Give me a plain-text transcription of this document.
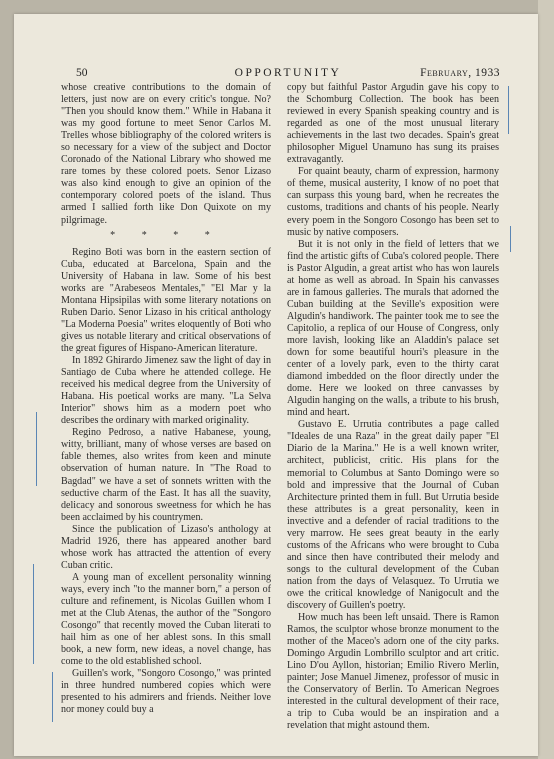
50	OPPORTUNITY	February, 1933

whose creative contributions to the domain of letters, just now are on every critic's tongue. No? "Then you should know them." While in Habana it was my good fortune to meet Senor Carlos M. Trelles whose bibliography of the colored writers is so necessary for a view of the subject and Doctor Coronado of the National Library who showed me rare tomes by these colored poets. Senor Lizaso was also kind enough to give an opinion of the contemporary colored poets of the island. Thus armed I sallied forth like Don Quixote on my pilgrimage.

* * * *

Regino Boti was born in the eastern section of Cuba, educated at Barcelona, Spain and the University of Habana in law. Some of his best works are "Arabeseos Mentales," "El Mar y la Montana Hipsipilas with some literary notations on Ruben Dario. Senor Lizaso in his critical anthology "La Moderna Poesia" writes eloquently of Boti who gives us notable literary and critical observations of the great figures of Hispano-American literature.

In 1892 Ghirardo Jimenez saw the light of day in Santiago de Cuba where he attended college. He received his medical degree from the University of Habana. His poetical works are many. "La Selva Interior" shows him as a modern poet who describes the ordinary with marked originality.

Regino Pedroso, a native Habanese, young, witty, brilliant, many of whose verses are based on fable themes, also writes from keen and minute observation of human nature. In "The Road to Bagdad" we have a set of sonnets written with the seductive charm of the East. It has all the suavity, delicacy and sonorous sweetness for which he has been acclaimed by his countrymen.

Since the publication of Lizaso's anthology at Madrid 1926, there has appeared another bard whose work has attracted the attention of every Cuban critic.

A young man of excellent personality winning ways, every inch "to the manner born," a person of culture and refinement, is Nicolas Guillen whom I met at the Club Atenas, the author of the "Songoro Cosongo" that recently moved the Cuban literati to hail him as one of her ablest sons. In this small book, a new form, new ideas, a novel change, has come to the old established school.

Guillen's work, "Songoro Cosongo," was printed in three hundred numbered copies which were presented to his admirers and friends. Neither love nor money could buy a

copy but faithful Pastor Argudin gave his copy to the Schomburg Collection. The book has been reviewed in every Spanish speaking country and is regarded as one of the most unusual literary achievements in the last two decades. Spain's great philosopher Miguel Unamuno has sung its praises extravagantly.

For quaint beauty, charm of expression, harmony of theme, musical austerity, I know of no poet that can surpass this young bard, when he recreates the customs, traditions and chants of his people. Nearly every poem in the Songoro Cosongo has been set to music by native composers.

But it is not only in the field of letters that we find the artistic gifts of Cuba's colored people. There is Pastor Algudin, a great artist who has won laurels at home as well as abroad. In Spain his canvasses are in famous galleries. The murals that adorned the Cuban building at the Seville's exposition were Algudin's handiwork. The painter took me to see the Capitolio, a replica of our House of Congress, only more lavish, looking like an Aladdin's palace set down for some beautiful houri's pleasure in the center of a lovely park, even to the thirty carat diamond imbedded on the floor directly under the dome. Here we looked on three canvasses by Algudin hanging on the walls, a tribute to his brush, mind and heart.

Gustavo E. Urrutia contributes a page called "Ideales de una Raza" in the great daily paper "El Diario de la Marina." He is a well known writer, architect, publicist, critic. His plans for the memorial to Columbus at Santo Domingo were so bold and impressive that the Journal of Cuban Architecture printed them in full. But Urrutia beside these attributes is a great personality, keen in invective and a defender of racial traditions to the very marrow. He sees great beauty in the early customs of the Africans who were brought to Cuba and since then have contributed their melody and songs to the cultural development of the Cuban nation from the days of Velasquez. To Urrutia we owe the critical knowledge of Nanigocult and the discovery of Guillen's poetry.

How much has been left unsaid. There is Ramon Ramos, the sculptor whose bronze monument to the mother of the Maceo's adorn one of the city parks. Domingo Argudin Lombrillo sculptor and art critic. Lino D'ou Ayllon, historian; Emilio Rivero Merlin, painter; Jose Manuel Jimenez, professor of music in the Conservatory of Berlin. To American Negroes interested in the cultural development of their race, a trip to Cuba would be an inspiration and a revelation that might astound them.
